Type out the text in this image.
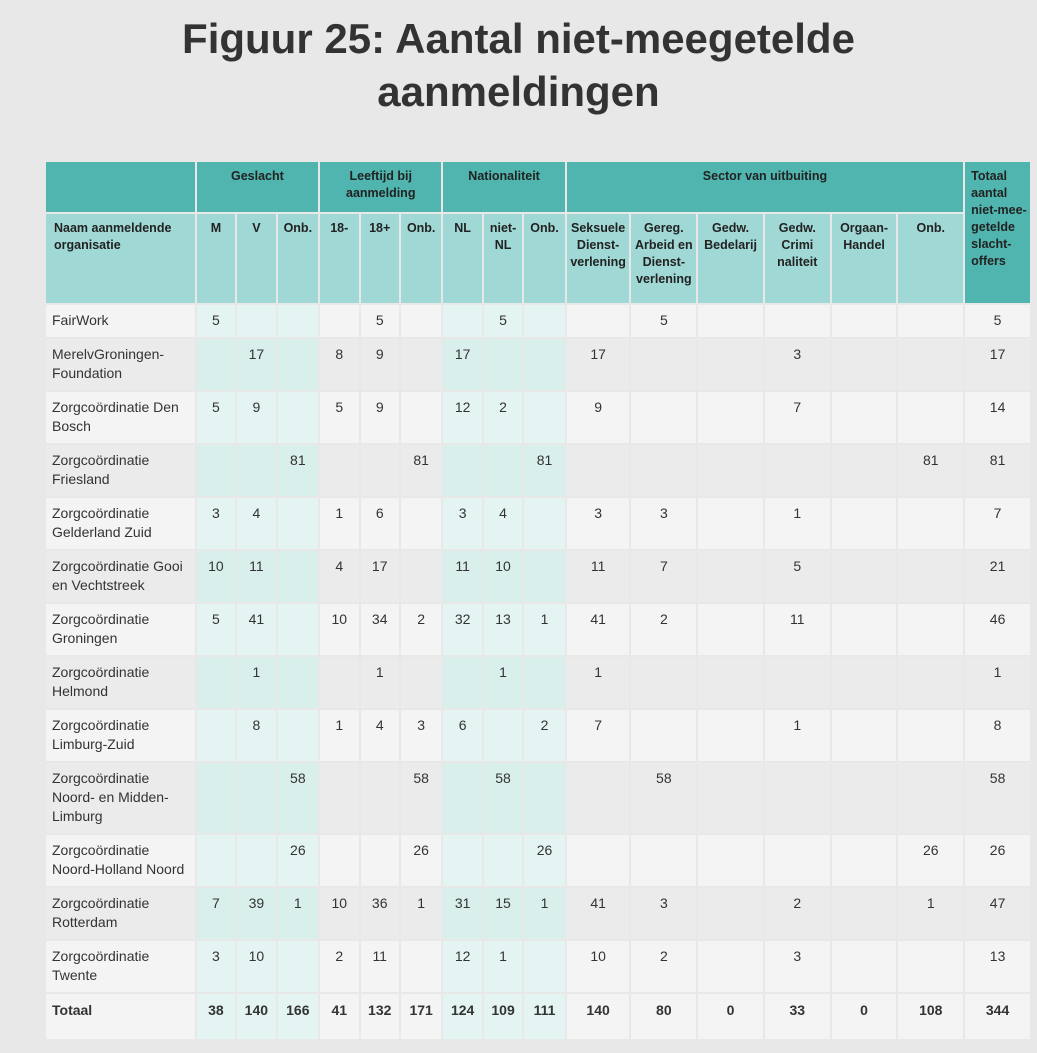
Figuur 25: Aantal niet-meegetelde
aanmeldingen
	Geslacht			Leeftijd bij aanmelding			Nationaliteit			Sector van uitbuiting						Totaal aantal niet-mee-getelde slacht-offers
Naam aanmeldende organisatie	M	V	Onb.	18-	18+	Onb.	NL	niet-NL	Onb.	Seksuele Dienst-verlening	Gereg. Arbeid en Dienst-verlening	Gedw. Bedelarij	Gedw. Crimi naliteit	Orgaan-Handel	Onb.	
FairWork	5				5			5			5					5
MerelvGroningen-Foundation		17		8	9		17			17			3			17
Zorgcoördinatie Den Bosch	5	9		5	9		12	2		9			7			14
Zorgcoördinatie Friesland			81			81			81						81	81
Zorgcoördinatie Gelderland Zuid	3	4		1	6		3	4		3	3		1			7
Zorgcoördinatie Gooi en Vechtstreek	10	11		4	17		11	10		11	7		5			21
Zorgcoördinatie Groningen	5	41		10	34	2	32	13	1	41	2		11			46
Zorgcoördinatie Helmond		1			1			1		1						1
Zorgcoördinatie Limburg-Zuid		8		1	4	3	6		2	7			1			8
Zorgcoördinatie Noord- en Midden-Limburg			58			58		58			58					58
Zorgcoördinatie Noord-Holland Noord			26			26			26						26	26
Zorgcoördinatie Rotterdam	7	39	1	10	36	1	31	15	1	41	3		2		1	47
Zorgcoördinatie Twente	3	10		2	11		12	1		10	2		3			13
Totaal	38	140	166	41	132	171	124	109	111	140	80	0	33	0	108	344
